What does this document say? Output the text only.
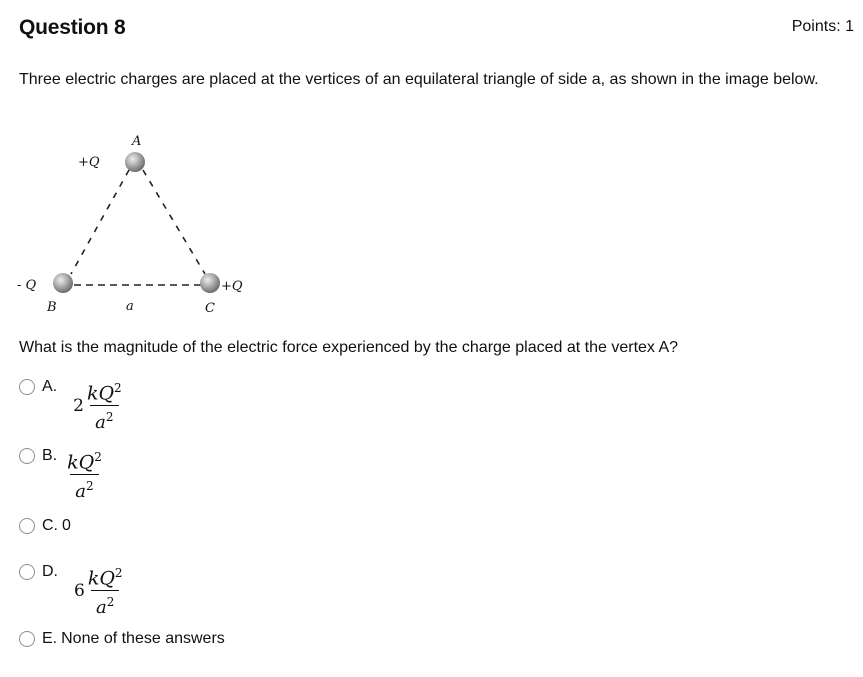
Question 8	Points: 1
Three electric charges are placed at the vertices of an equilateral triangle of side a, as shown in the image below.
A
+Q
- Q
B	a
+Q
C
What is the magnitude of the electric force experienced by the charge placed at the vertex A?
A.
$2 \frac{kQ^2}{a^2}$
B. $\frac{kQ^2}{a^2}$
C. 0
D.
$6 \frac{kQ^2}{a^2}$
E. None of these answers
